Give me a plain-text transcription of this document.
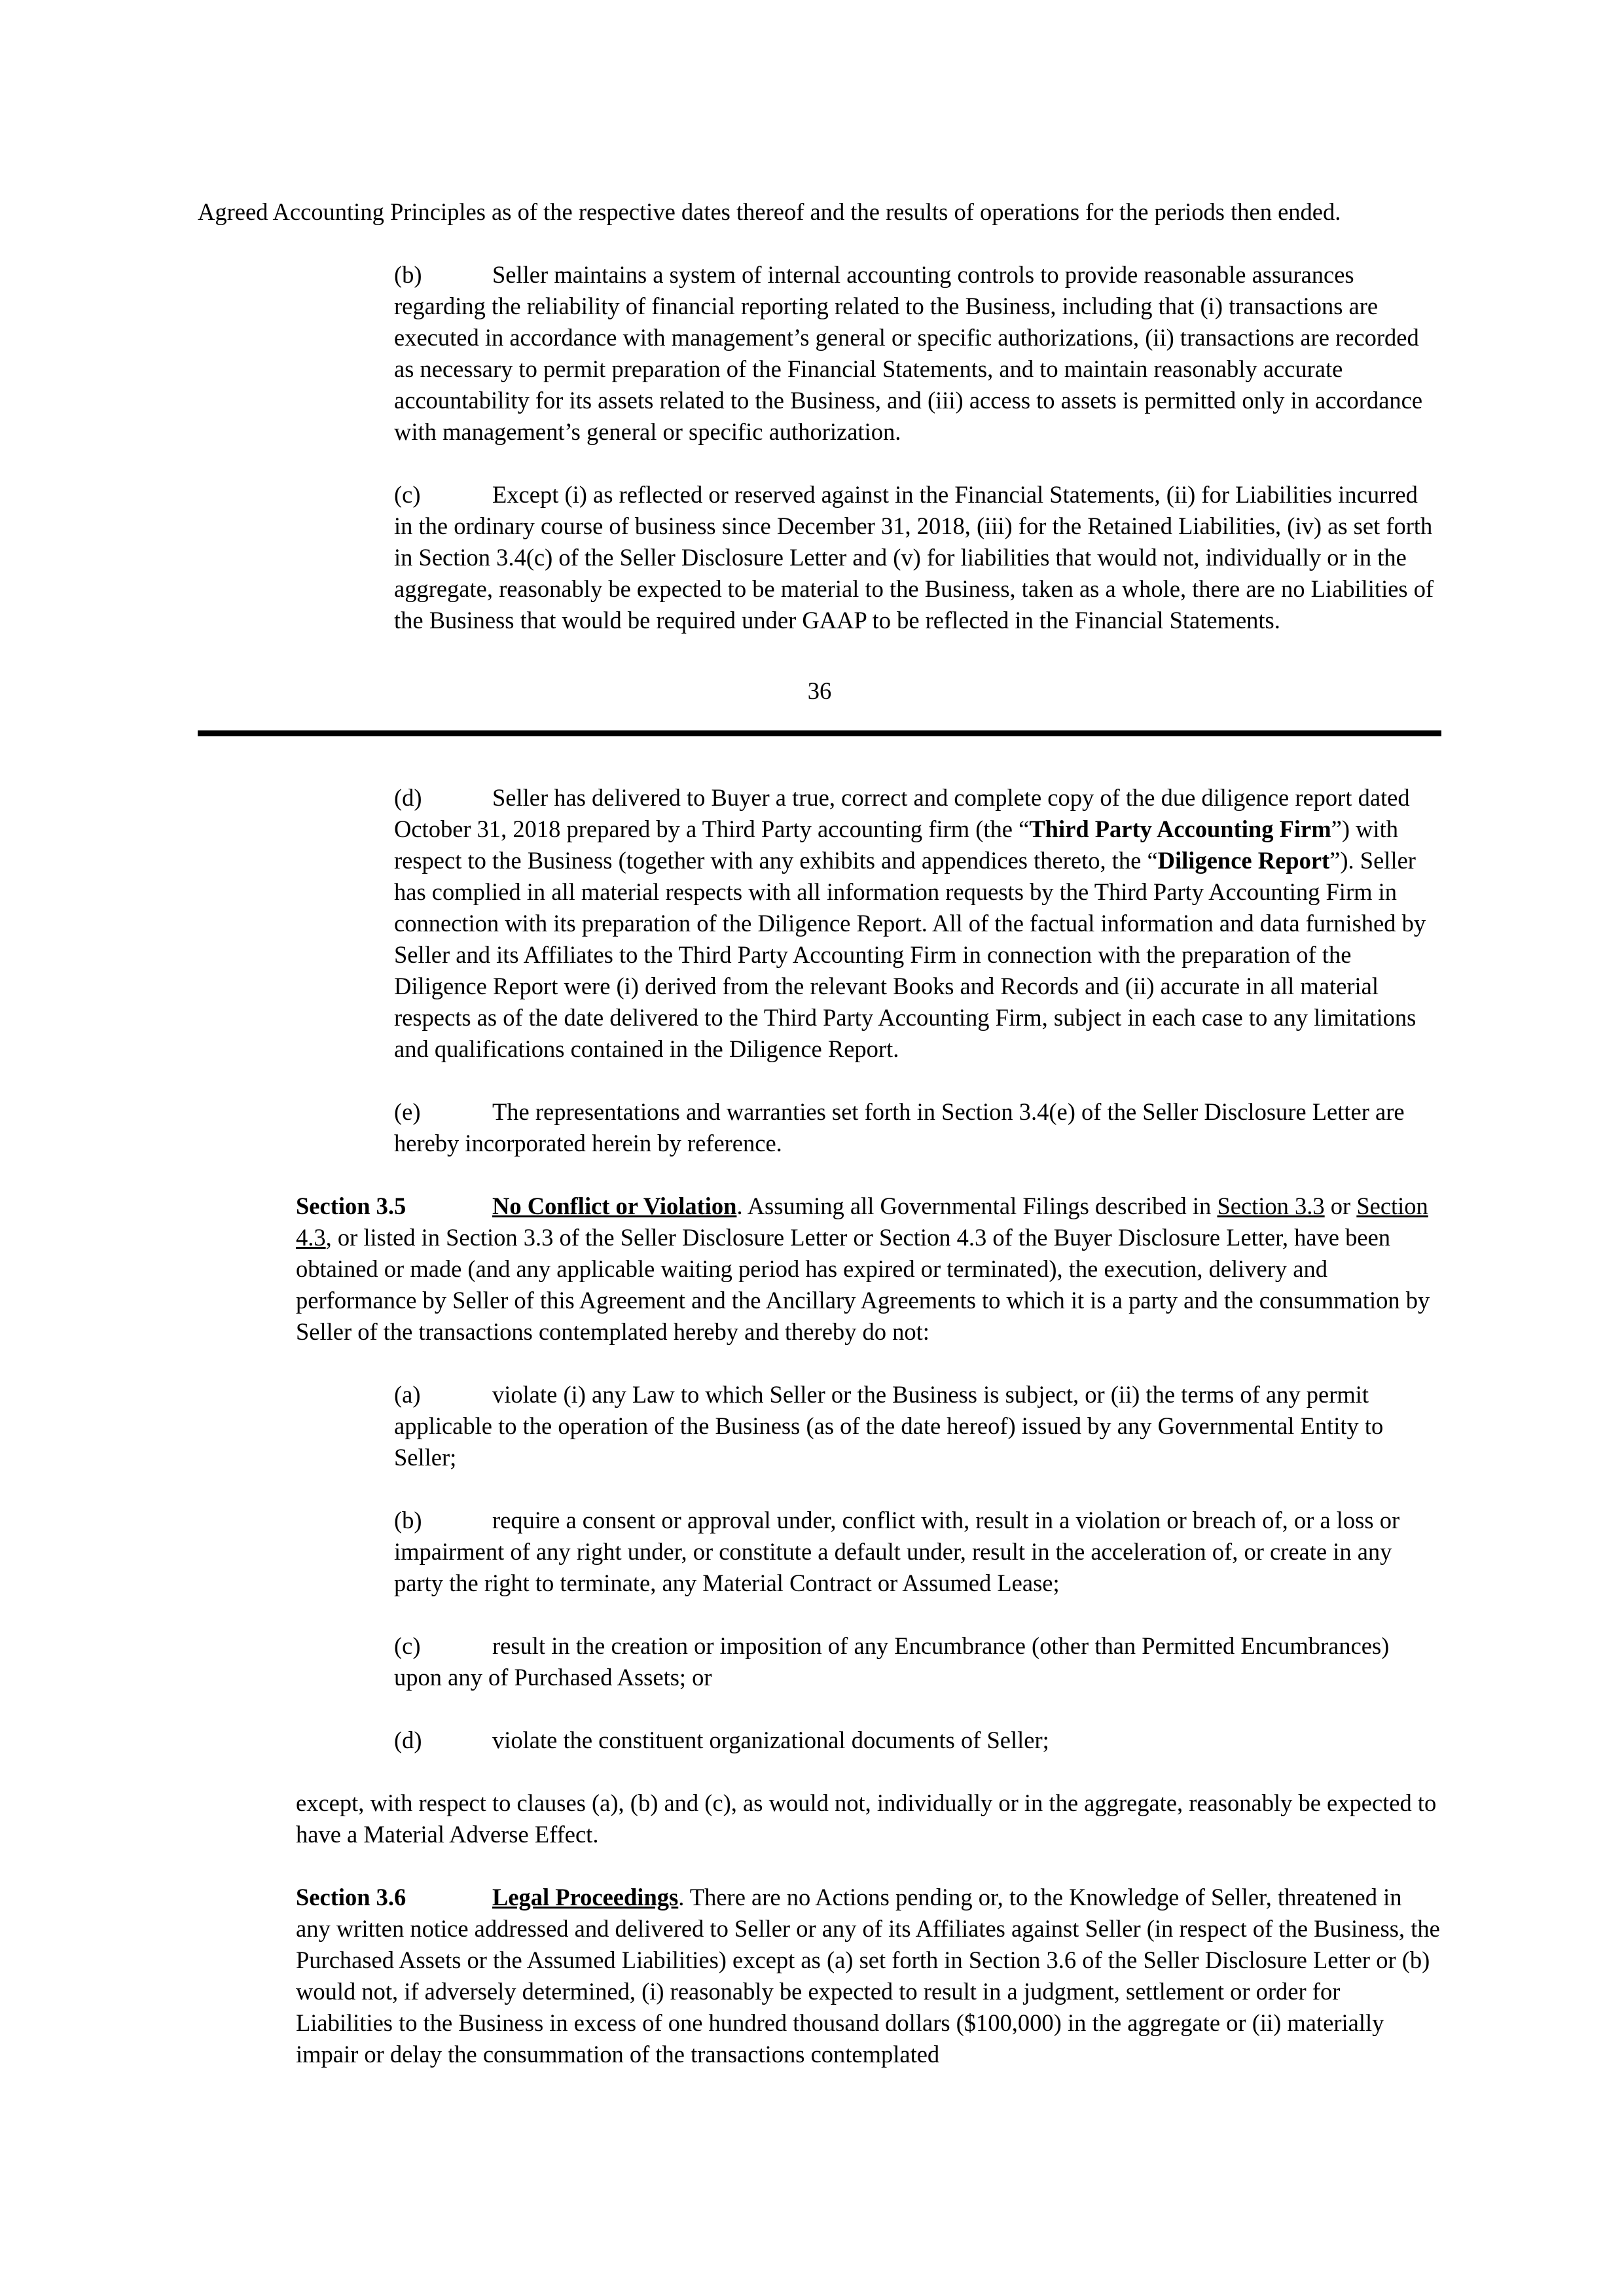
Agreed Accounting Principles as of the respective dates thereof and the results of operations for the periods then ended.

(b)	Seller maintains a system of internal accounting controls to provide reasonable assurances regarding the reliability of financial reporting related to the Business, including that (i) transactions are executed in accordance with management’s general or specific authorizations, (ii) transactions are recorded as necessary to permit preparation of the Financial Statements, and to maintain reasonably accurate accountability for its assets related to the Business, and (iii) access to assets is permitted only in accordance with management’s general or specific authorization.

(c)	Except (i) as reflected or reserved against in the Financial Statements, (ii) for Liabilities incurred in the ordinary course of business since December 31, 2018, (iii) for the Retained Liabilities, (iv) as set forth in Section 3.4(c) of the Seller Disclosure Letter and (v) for liabilities that would not, individually or in the aggregate, reasonably be expected to be material to the Business, taken as a whole, there are no Liabilities of the Business that would be required under GAAP to be reflected in the Financial Statements.

36

(d)	Seller has delivered to Buyer a true, correct and complete copy of the due diligence report dated October 31, 2018 prepared by a Third Party accounting firm (the “Third Party Accounting Firm”) with respect to the Business (together with any exhibits and appendices thereto, the “Diligence Report”). Seller has complied in all material respects with all information requests by the Third Party Accounting Firm in connection with its preparation of the Diligence Report. All of the factual information and data furnished by Seller and its Affiliates to the Third Party Accounting Firm in connection with the preparation of the Diligence Report were (i) derived from the relevant Books and Records and (ii) accurate in all material respects as of the date delivered to the Third Party Accounting Firm, subject in each case to any limitations and qualifications contained in the Diligence Report.

(e)	The representations and warranties set forth in Section 3.4(e) of the Seller Disclosure Letter are hereby incorporated herein by reference.

Section 3.5	No Conflict or Violation. Assuming all Governmental Filings described in Section 3.3 or Section 4.3, or listed in Section 3.3 of the Seller Disclosure Letter or Section 4.3 of the Buyer Disclosure Letter, have been obtained or made (and any applicable waiting period has expired or terminated), the execution, delivery and performance by Seller of this Agreement and the Ancillary Agreements to which it is a party and the consummation by Seller of the transactions contemplated hereby and thereby do not:

(a)	violate (i) any Law to which Seller or the Business is subject, or (ii) the terms of any permit applicable to the operation of the Business (as of the date hereof) issued by any Governmental Entity to Seller;

(b)	require a consent or approval under, conflict with, result in a violation or breach of, or a loss or impairment of any right under, or constitute a default under, result in the acceleration of, or create in any party the right to terminate, any Material Contract or Assumed Lease;

(c)	result in the creation or imposition of any Encumbrance (other than Permitted Encumbrances) upon any of Purchased Assets; or

(d)	violate the constituent organizational documents of Seller;

except, with respect to clauses (a), (b) and (c), as would not, individually or in the aggregate, reasonably be expected to have a Material Adverse Effect.

Section 3.6	Legal Proceedings. There are no Actions pending or, to the Knowledge of Seller, threatened in any written notice addressed and delivered to Seller or any of its Affiliates against Seller (in respect of the Business, the Purchased Assets or the Assumed Liabilities) except as (a) set forth in Section 3.6 of the Seller Disclosure Letter or (b) would not, if adversely determined, (i) reasonably be expected to result in a judgment, settlement or order for Liabilities to the Business in excess of one hundred thousand dollars ($100,000) in the aggregate or (ii) materially impair or delay the consummation of the transactions contemplated
